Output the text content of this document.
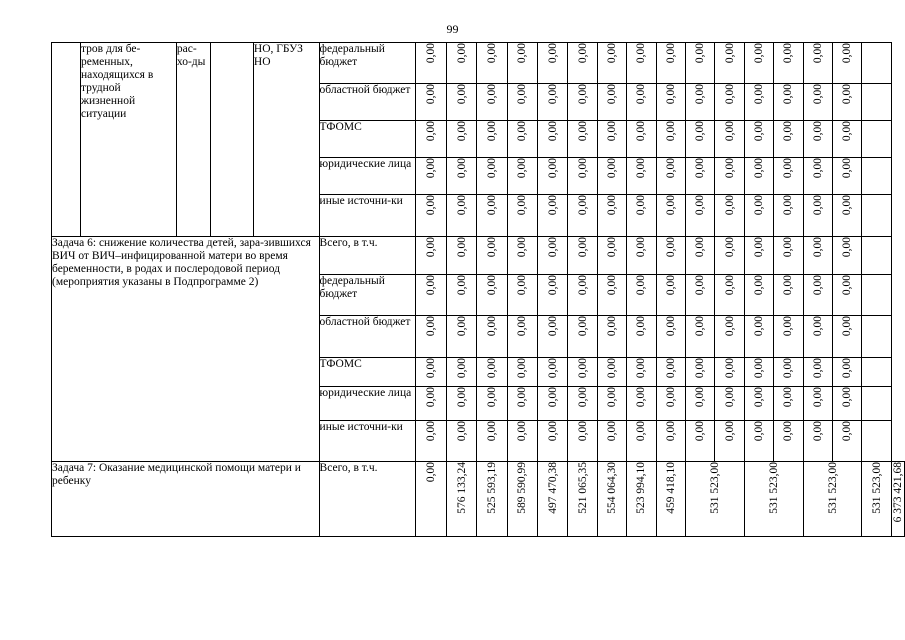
99
	тров для бе-ременных, находящихся в трудной жизненной ситуации	рас-хо-ды		НО, ГБУЗ НО	федеральный бюджет	0,00	0,00	0,00	0,00	0,00	0,00	0,00	0,00	0,00	0,00	0,00	0,00	0,00	0,00	0,00		

					областной бюджет	0,00	0,00	0,00	0,00	0,00	0,00	0,00	0,00	0,00	0,00	0,00	0,00	0,00	0,00	0,00		

					ТФОМС	0,00	0,00	0,00	0,00	0,00	0,00	0,00	0,00	0,00	0,00	0,00	0,00	0,00	0,00	0,00		

					юридические лица	0,00	0,00	0,00	0,00	0,00	0,00	0,00	0,00	0,00	0,00	0,00	0,00	0,00	0,00	0,00		

					иные источни-ки	0,00	0,00	0,00	0,00	0,00	0,00	0,00	0,00	0,00	0,00	0,00	0,00	0,00	0,00	0,00		

Задача 6: снижение количества детей, зара-зившихся ВИЧ от ВИЧ–инфицированной матери во время беременности, в родах и послеродовой период (мероприятия указаны в Подпрограмме 2)					Всего, в т.ч.	0,00	0,00	0,00	0,00	0,00	0,00	0,00	0,00	0,00	0,00	0,00	0,00	0,00	0,00	0,00		

					федеральный бюджет	0,00	0,00	0,00	0,00	0,00	0,00	0,00	0,00	0,00	0,00	0,00	0,00	0,00	0,00	0,00		

					областной бюджет	0,00	0,00	0,00	0,00	0,00	0,00	0,00	0,00	0,00	0,00	0,00	0,00	0,00	0,00	0,00		

					ТФОМС	0,00	0,00	0,00	0,00	0,00	0,00	0,00	0,00	0,00	0,00	0,00	0,00	0,00	0,00	0,00		

					юридические лица	0,00	0,00	0,00	0,00	0,00	0,00	0,00	0,00	0,00	0,00	0,00	0,00	0,00	0,00	0,00		

					иные источни-ки	0,00	0,00	0,00	0,00	0,00	0,00	0,00	0,00	0,00	0,00	0,00	0,00	0,00	0,00	0,00		

Задача 7: Оказание медицинской помощи матери и ребенку					Всего, в т.ч.	0,00	576 133,24	525 593,19	589 590,99	497 470,38	521 065,35	554 064,30	523 994,10	459 418,10	531 523,00		531 523,00		531 523,00		531 523,00	6 373 421,68
